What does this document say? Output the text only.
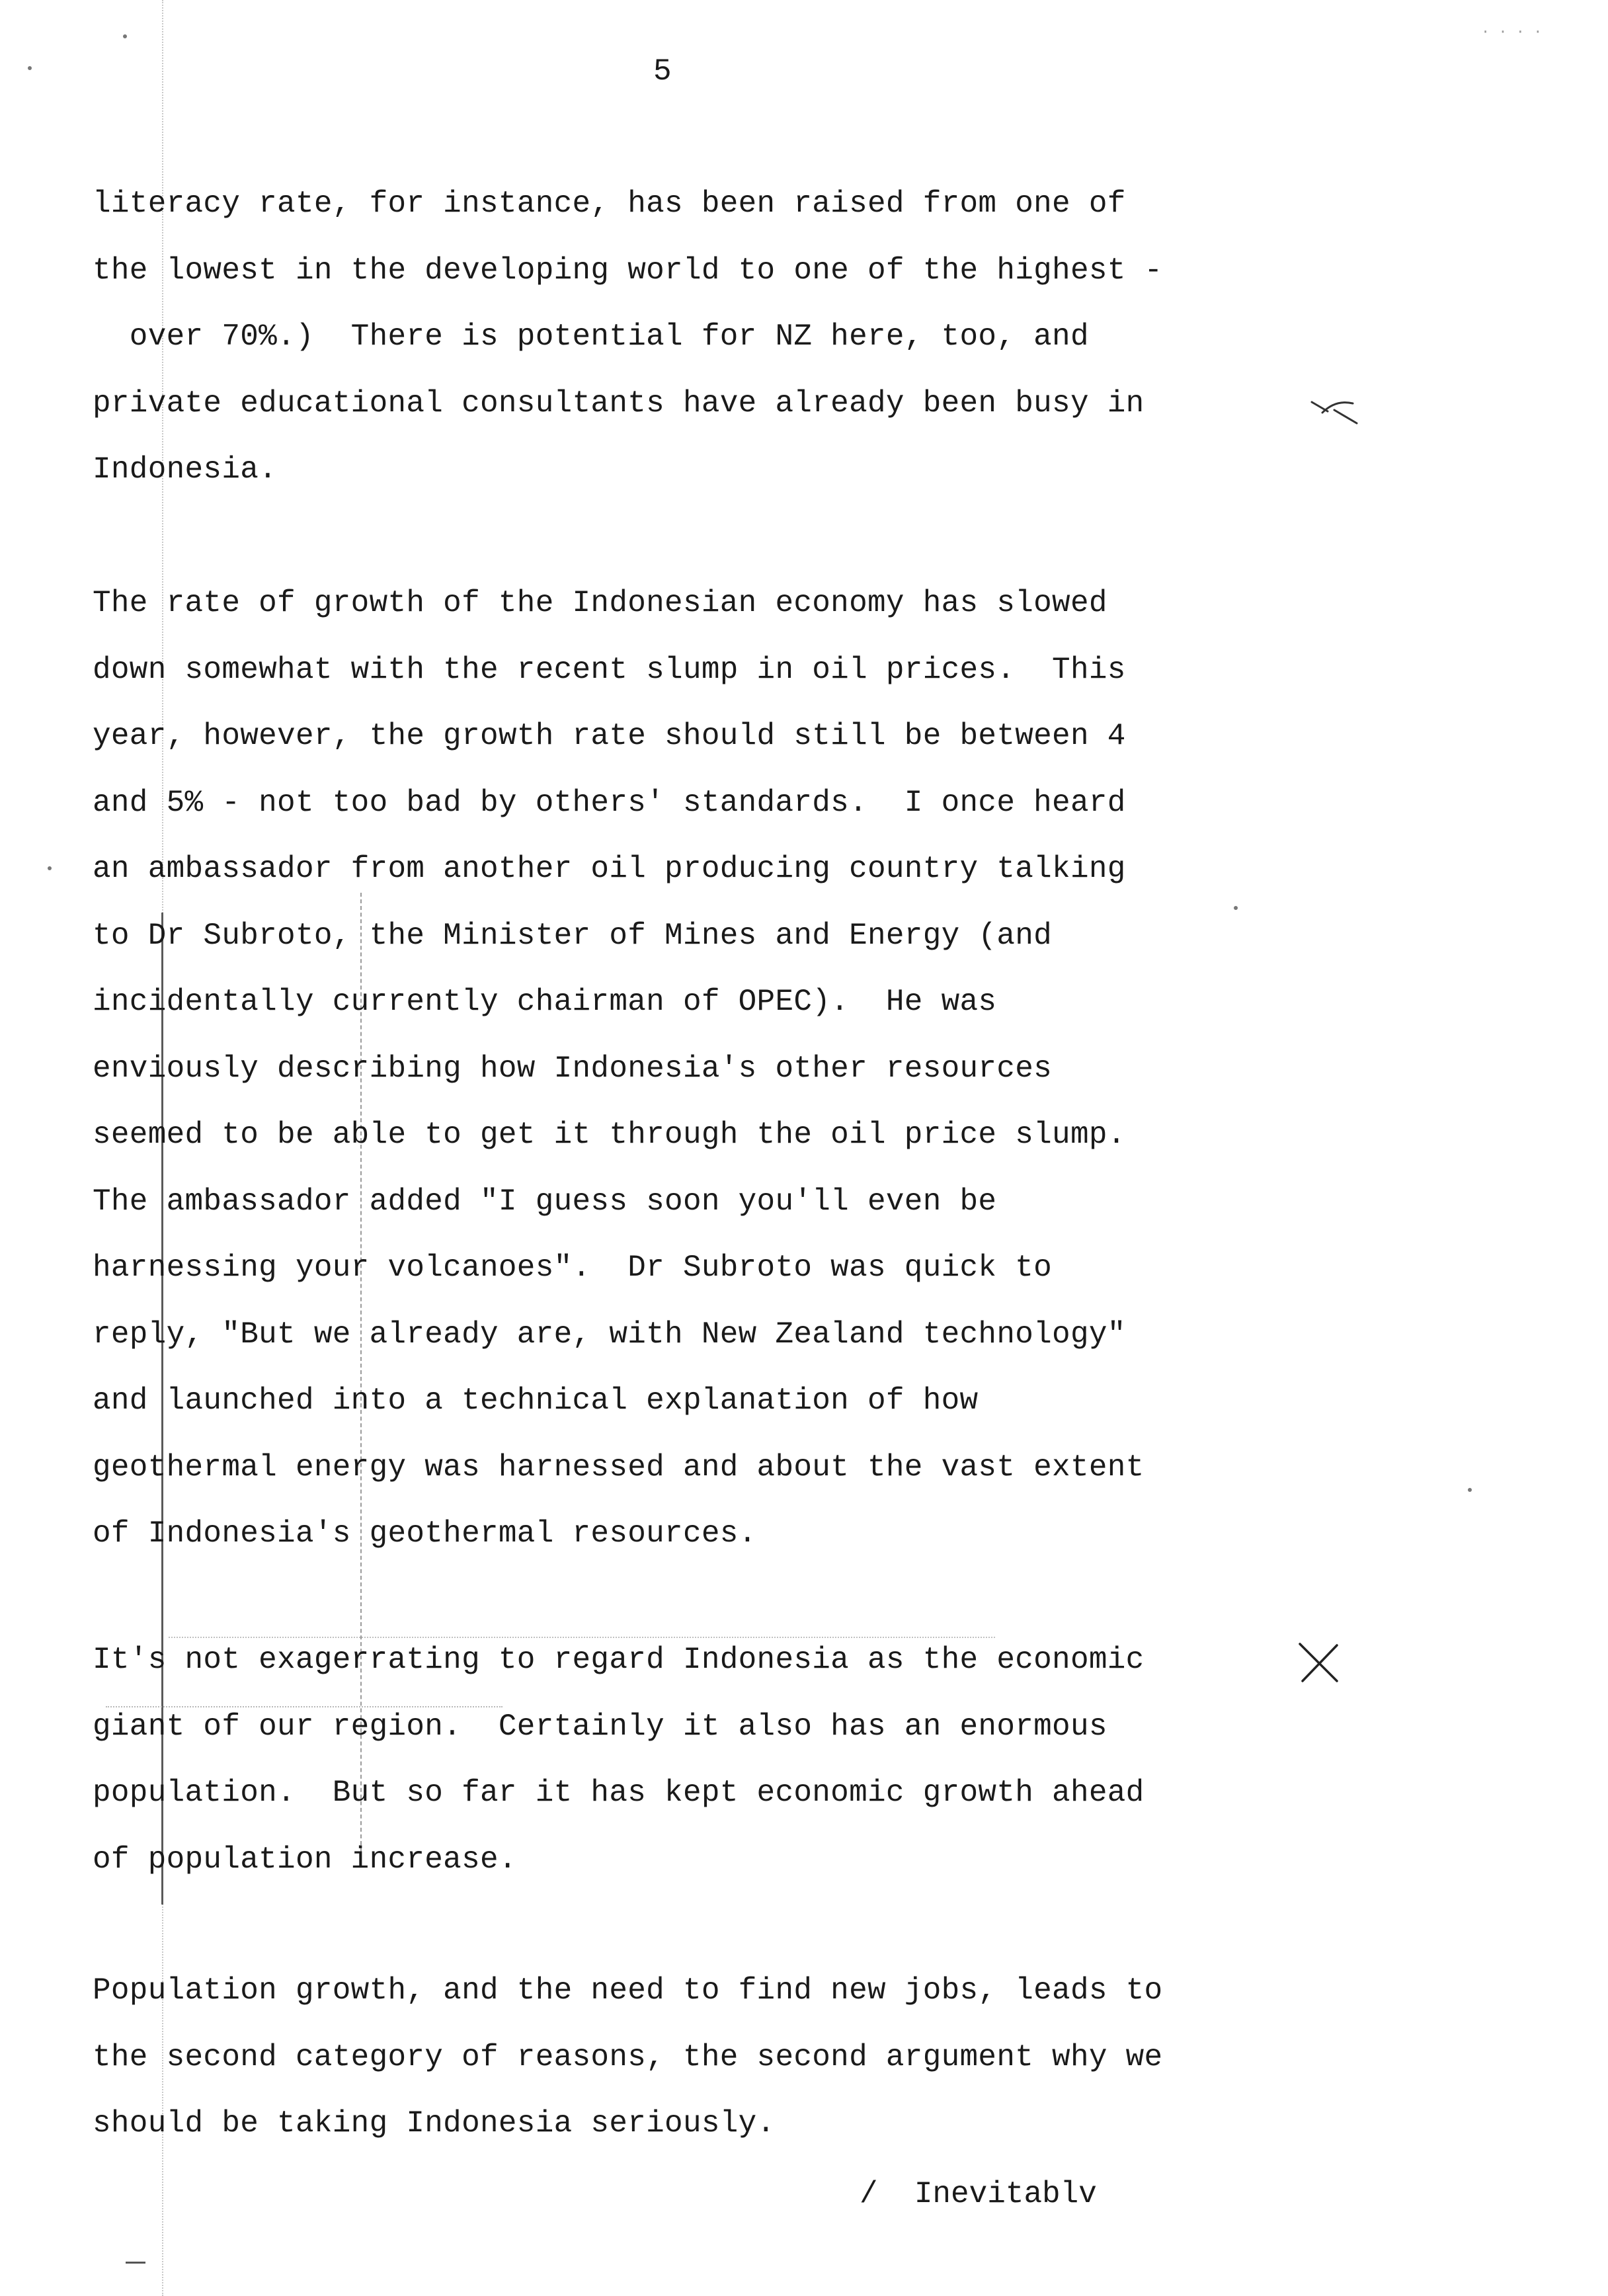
5
literacy rate, for instance, has been raised from one of
the lowest in the developing world to one of the highest -
over 70%.)  There is potential for NZ here, too, and
private educational consultants have already been busy in
Indonesia.
The rate of growth of the Indonesian economy has slowed
down somewhat with the recent slump in oil prices.  This
year, however, the growth rate should still be between 4
and 5% - not too bad by others' standards.  I once heard
an ambassador from another oil producing country talking
to Dr Subroto, the Minister of Mines and Energy (and
incidentally currently chairman of OPEC).  He was
enviously describing how Indonesia's other resources
seemed to be able to get it through the oil price slump.
The ambassador added "I guess soon you'll even be
harnessing your volcanoes".  Dr Subroto was quick to
reply, "But we already are, with New Zealand technology"
and launched into a technical explanation of how
geothermal energy was harnessed and about the vast extent
of Indonesia's geothermal resources.
It's not exagerrating to regard Indonesia as the economic
giant of our region.  Certainly it also has an enormous
population.  But so far it has kept economic growth ahead
of population increase.
Population growth, and the need to find new jobs, leads to
the second category of reasons, the second argument why we
should be taking Indonesia seriously.
/  Inevitablv
· · · ·
